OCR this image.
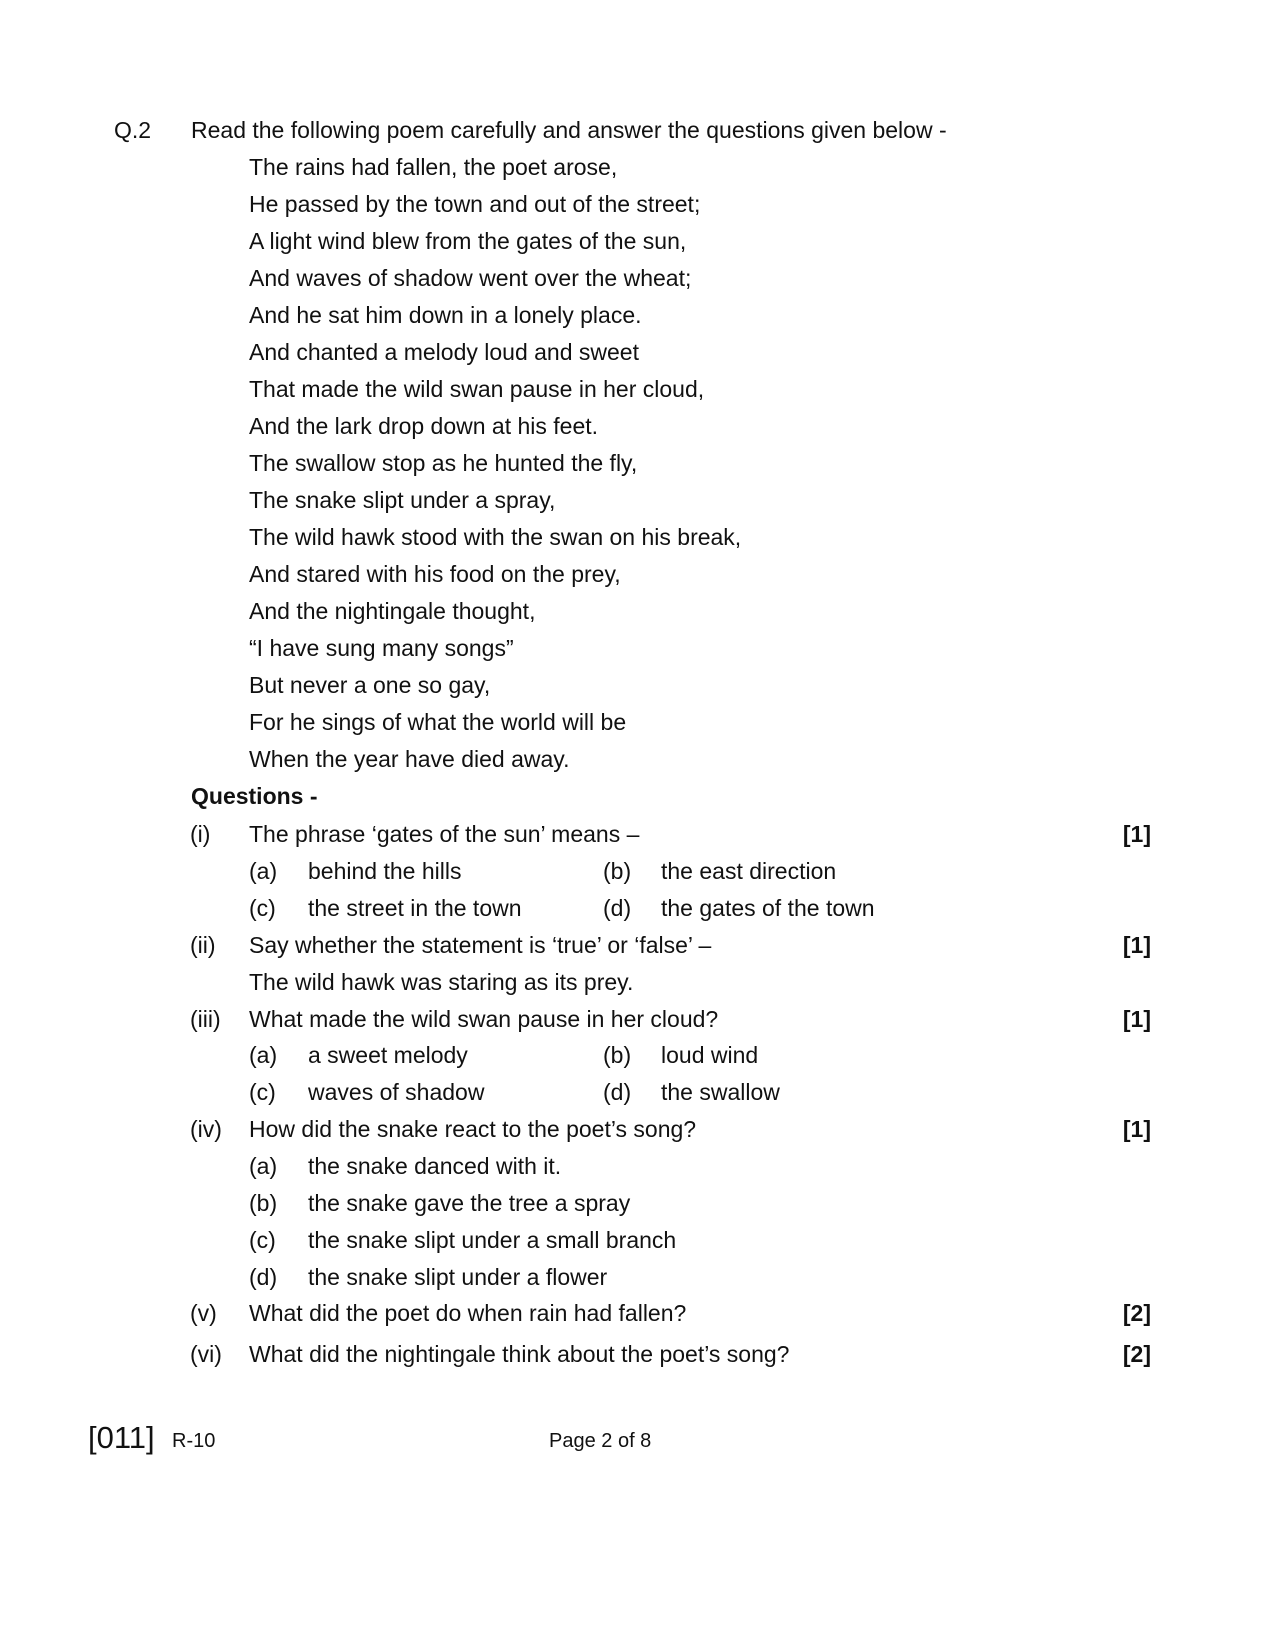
Q.2 Read the following poem carefully and answer the questions given below -
The rains had fallen, the poet arose,
He passed by the town and out of the street;
A light wind blew from the gates of the sun,
And waves of shadow went over the wheat;
And he sat him down in a lonely place.
And chanted a melody loud and sweet
That made the wild swan pause in her cloud,
And the lark drop down at his feet.
The swallow stop as he hunted the fly,
The snake slipt under a spray,
The wild hawk stood with the swan on his break,
And stared with his food on the prey,
And the nightingale thought,
“I have sung many songs”
But never a one so gay,
For he sings of what the world will be
When the year have died away.
Questions -
(i) The phrase ‘gates of the sun’ means –	[1]
(a) behind the hills	(b) the east direction
(c) the street in the town	(d) the gates of the town
(ii) Say whether the statement is ‘true’ or ‘false’ –	[1]
The wild hawk was staring as its prey.
(iii) What made the wild swan pause in her cloud?	[1]
(a) a sweet melody	(b) loud wind
(c) waves of shadow	(d) the swallow
(iv) How did the snake react to the poet’s song?	[1]
(a) the snake danced with it.
(b) the snake gave the tree a spray
(c) the snake slipt under a small branch
(d) the snake slipt under a flower
(v) What did the poet do when rain had fallen?	[2]
(vi) What did the nightingale think about the poet’s song?	[2]
[011] R-10	Page 2 of 8
